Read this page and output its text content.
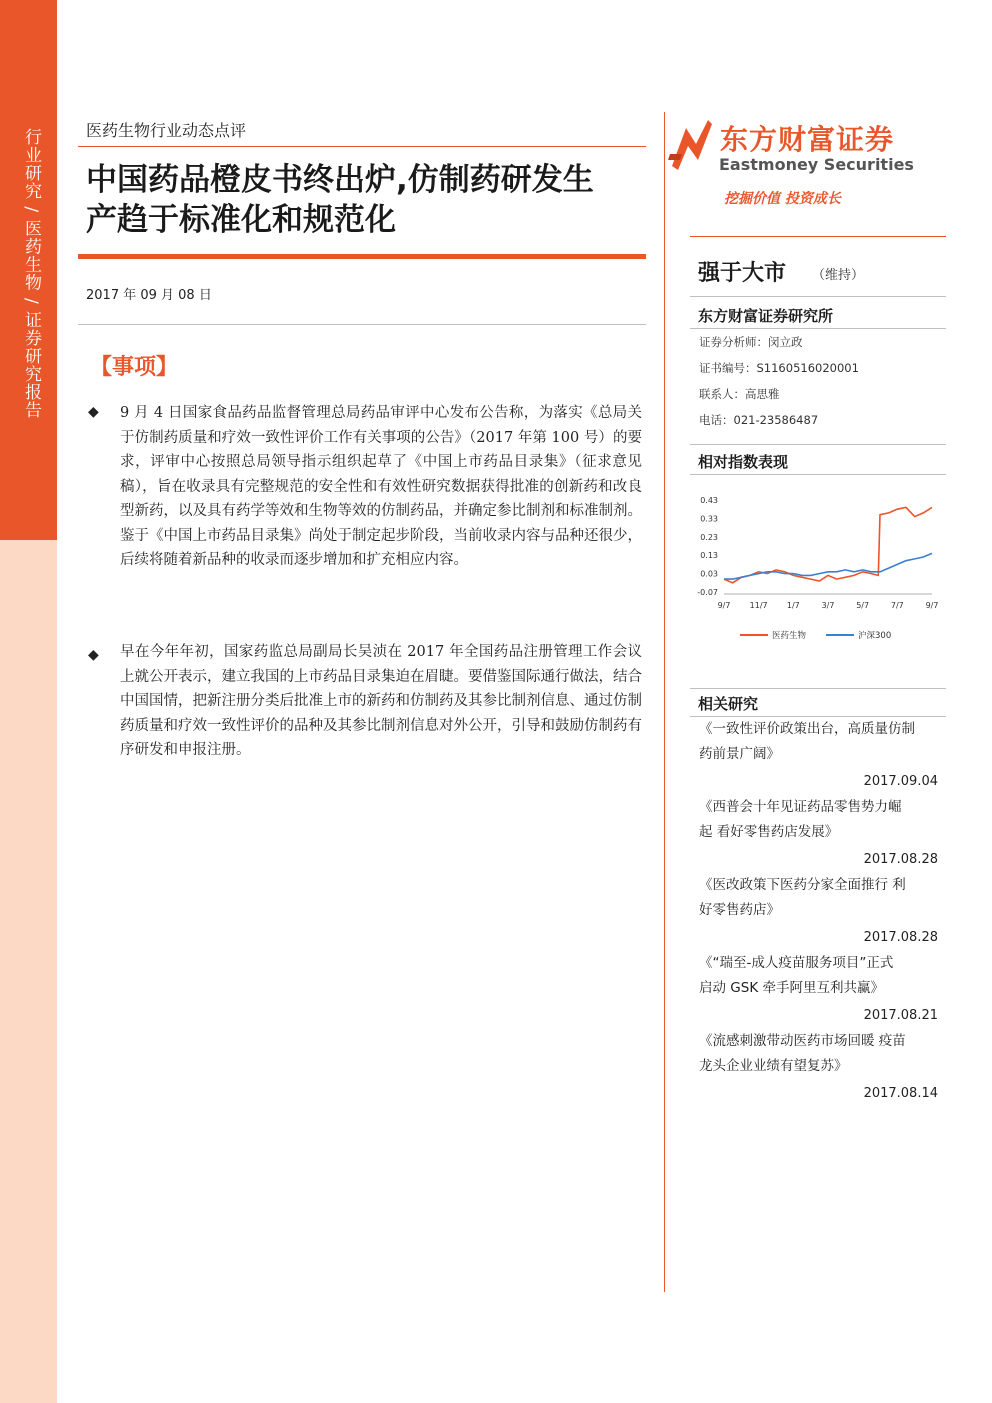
行业研究 / 医药生物 / 证券研究报告	医药生物行业动态点评
中国药品橙皮书终出炉,仿制药研发生
产趋于标准化和规范化
2017 年 09 月 08 日
【事项】
◆ 9 月 4 日国家食品药品监督管理总局药品审评中心发布公告称，为落实《总局关于仿制药质量和疗效一致性评价工作有关事项的公告》（2017 年第 100 号）的要求，评审中心按照总局领导指示组织起草了《中国上市药品目录集》（征求意见稿），旨在收录具有完整规范的安全性和有效性研究数据获得批准的创新药和改良型新药，以及具有药学等效和生物等效的仿制药品，并确定参比制剂和标准制剂。鉴于《中国上市药品目录集》尚处于制定起步阶段，当前收录内容与品种还很少，后续将随着新品种的收录而逐步增加和扩充相应内容。

◆ 早在今年年初，国家药监总局副局长吴浈在 2017 年全国药品注册管理工作会议上就公开表示，建立我国的上市药品目录集迫在眉睫。要借鉴国际通行做法，结合中国国情，把新注册分类后批准上市的新药和仿制药及其参比制剂信息、通过仿制药质量和疗效一致性评价的品种及其参比制剂信息对外公开，引导和鼓励仿制药有序研发和申报注册。

东方财富证券
Eastmoney Securities
挖掘价值 投资成长
强于大市 （维持）
东方财富证券研究所
证券分析师：闵立政
证书编号：S1160516020001
联系人：高思雅
电话：021-23586487
相对指数表现
0.43
0.33
0.23
0.13
0.03
-0.07
9/7 11/7 1/7	3/7	5/7	7/7	9/7
医药生物	沪深300
相关研究
《一致性评价政策出台，高质量仿制
药前景广阔》
2017.09.04
《西普会十年见证药品零售势力崛
起 看好零售药店发展》
2017.08.28
《医改政策下医药分家全面推行 利
好零售药店》
2017.08.28
《“瑞至-成人疫苗服务项目”正式
启动 GSK 牵手阿里互利共赢》
2017.08.21
《流感刺激带动医药市场回暖 疫苗
龙头企业业绩有望复苏》
2017.08.14
